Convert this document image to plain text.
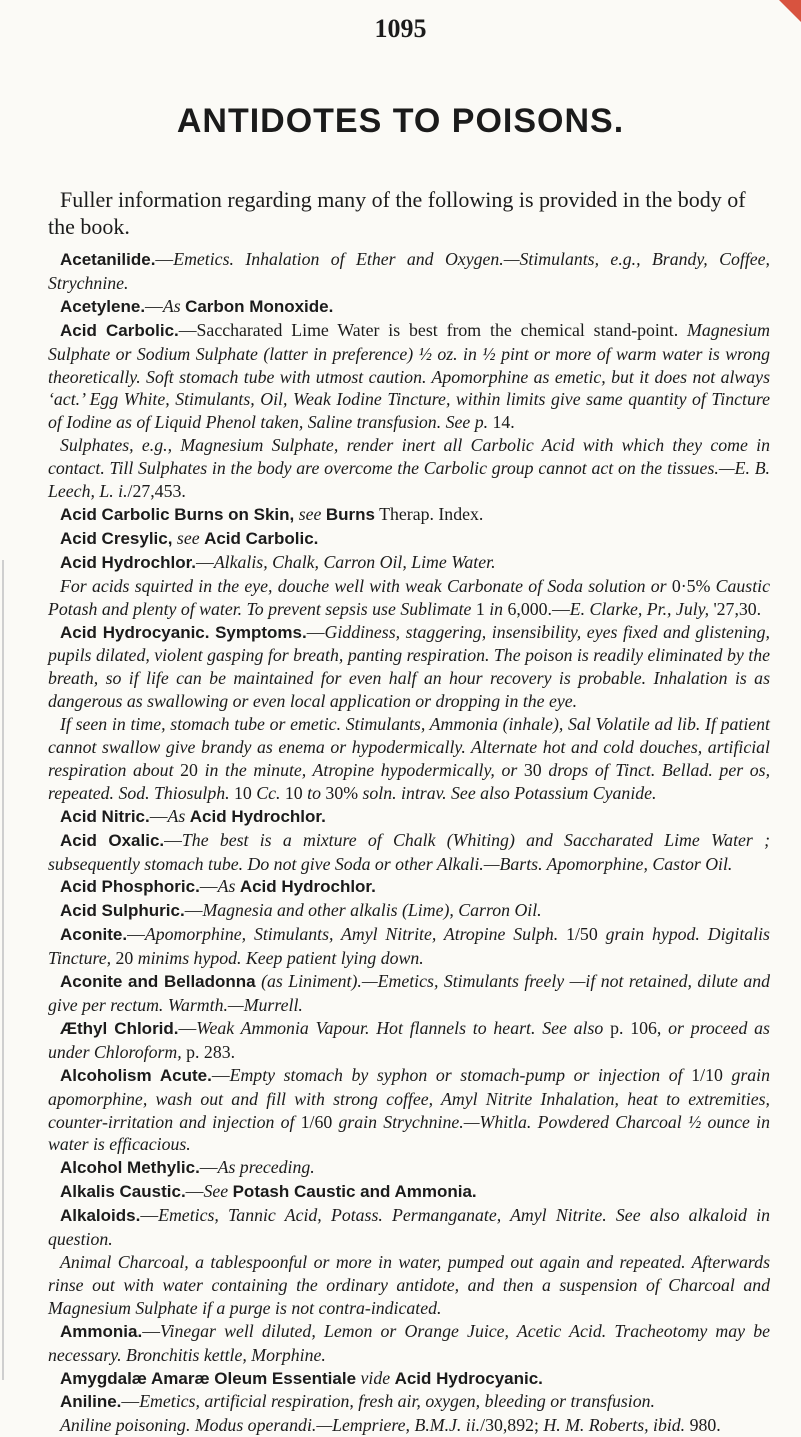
1095
ANTIDOTES TO POISONS.
Fuller information regarding many of the following is provided in the body of the book.

Acetanilide.—Emetics. Inhalation of Ether and Oxygen.—Stimulants, e.g., Brandy, Coffee, Strychnine.

Acetylene.—As Carbon Monoxide.

Acid Carbolic.—Saccharated Lime Water is best from the chemical stand-point. Magnesium Sulphate or Sodium Sulphate (latter in preference) ½ oz. in ½ pint or more of warm water is wrong theoretically. Soft stomach tube with utmost caution. Apomorphine as emetic, but it does not always ‘act.’ Egg White, Stimulants, Oil, Weak Iodine Tincture, within limits give same quantity of Tincture of Iodine as of Liquid Phenol taken, Saline transfusion. See p. 14.

Sulphates, e.g., Magnesium Sulphate, render inert all Carbolic Acid with which they come in contact. Till Sulphates in the body are overcome the Carbolic group cannot act on the tissues.—E. B. Leech, L. i./27,453.

Acid Carbolic Burns on Skin, see Burns Therap. Index.

Acid Cresylic, see Acid Carbolic.

Acid Hydrochlor.—Alkalis, Chalk, Carron Oil, Lime Water.

For acids squirted in the eye, douche well with weak Carbonate of Soda solution or 0·5% Caustic Potash and plenty of water. To prevent sepsis use Sublimate 1 in 6,000.—E. Clarke, Pr., July, '27,30.

Acid Hydrocyanic. Symptoms.—Giddiness, staggering, insensibility, eyes fixed and glistening, pupils dilated, violent gasping for breath, panting respiration. The poison is readily eliminated by the breath, so if life can be maintained for even half an hour recovery is probable. Inhalation is as dangerous as swallowing or even local application or dropping in the eye.

If seen in time, stomach tube or emetic. Stimulants, Ammonia (inhale), Sal Volatile ad lib. If patient cannot swallow give brandy as enema or hypodermically. Alternate hot and cold douches, artificial respiration about 20 in the minute, Atropine hypodermically, or 30 drops of Tinct. Bellad. per os, repeated. Sod. Thiosulph. 10 Cc. 10 to 30% soln. intrav. See also Potassium Cyanide.

Acid Nitric.—As Acid Hydrochlor.

Acid Oxalic.—The best is a mixture of Chalk (Whiting) and Saccharated Lime Water ; subsequently stomach tube. Do not give Soda or other Alkali.—Barts. Apomorphine, Castor Oil.

Acid Phosphoric.—As Acid Hydrochlor.

Acid Sulphuric.—Magnesia and other alkalis (Lime), Carron Oil.

Aconite.—Apomorphine, Stimulants, Amyl Nitrite, Atropine Sulph. 1/50 grain hypod. Digitalis Tincture, 20 minims hypod. Keep patient lying down.

Aconite and Belladonna (as Liniment).—Emetics, Stimulants freely —if not retained, dilute and give per rectum. Warmth.—Murrell.

Æthyl Chlorid.—Weak Ammonia Vapour. Hot flannels to heart. See also p. 106, or proceed as under Chloroform, p. 283.

Alcoholism Acute.—Empty stomach by syphon or stomach-pump or injection of 1/10 grain apomorphine, wash out and fill with strong coffee, Amyl Nitrite Inhalation, heat to extremities, counter-irritation and injection of 1/60 grain Strychnine.—Whitla. Powdered Charcoal ½ ounce in water is efficacious.

Alcohol Methylic.—As preceding.

Alkalis Caustic.—See Potash Caustic and Ammonia.

Alkaloids.—Emetics, Tannic Acid, Potass. Permanganate, Amyl Nitrite. See also alkaloid in question.

Animal Charcoal, a tablespoonful or more in water, pumped out again and repeated. Afterwards rinse out with water containing the ordinary antidote, and then a suspension of Charcoal and Magnesium Sulphate if a purge is not contra-indicated.

Ammonia.—Vinegar well diluted, Lemon or Orange Juice, Acetic Acid. Tracheotomy may be necessary. Bronchitis kettle, Morphine.

Amygdalæ Amaræ Oleum Essentiale vide Acid Hydrocyanic.

Aniline.—Emetics, artificial respiration, fresh air, oxygen, bleeding or transfusion.

Aniline poisoning. Modus operandi.—Lempriere, B.M.J. ii./30,892; H. M. Roberts, ibid. 980.
